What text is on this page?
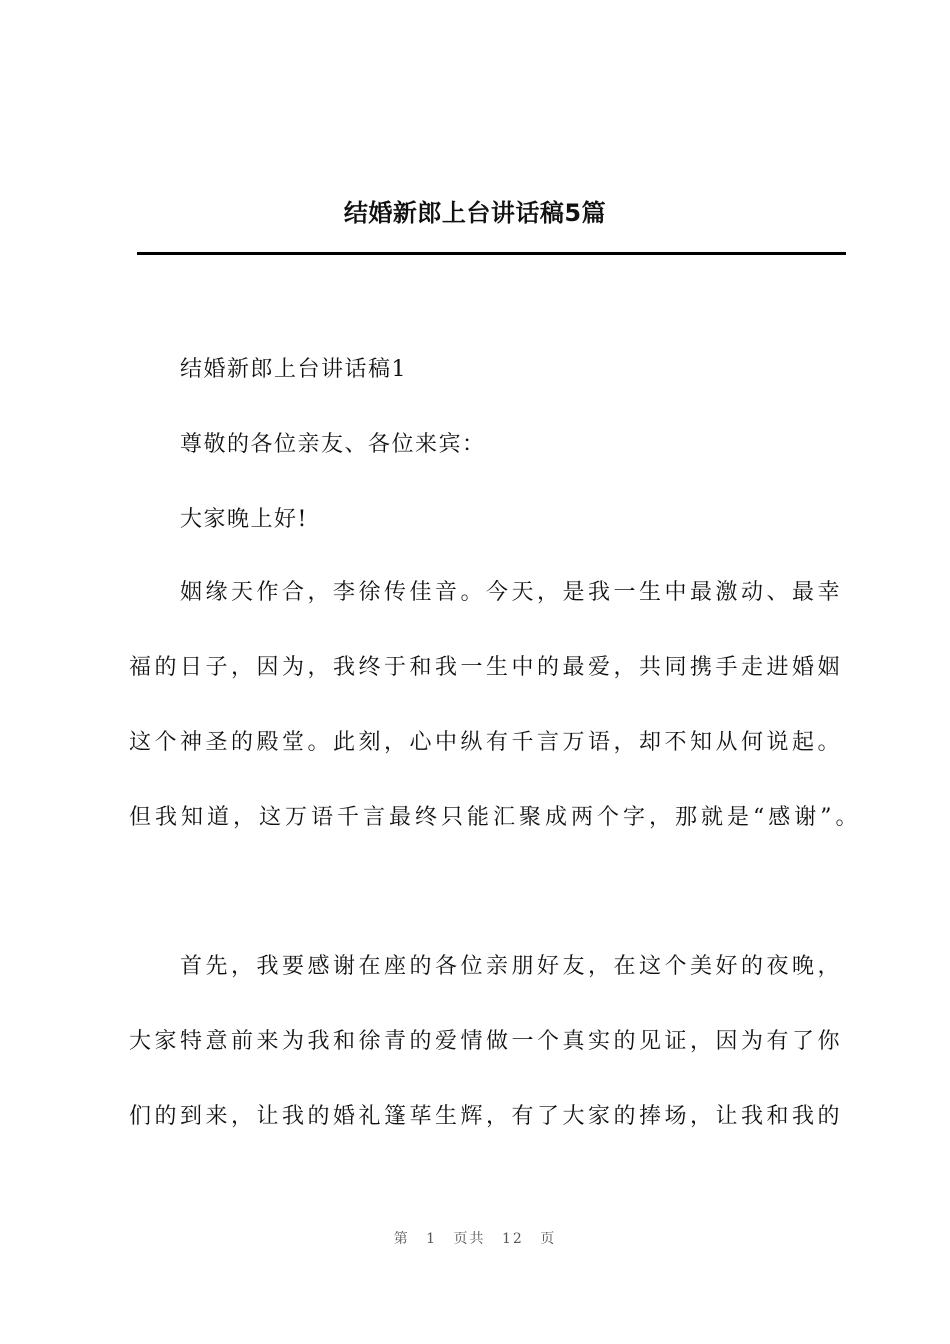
结婚新郎上台讲话稿5篇
结婚新郎上台讲话稿1
尊敬的各位亲友、各位来宾：
大家晚上好!
姻缘天作合，李徐传佳音。今天，是我一生中最激动、最幸
福的日子，因为，我终于和我一生中的最爱，共同携手走进婚姻
这个神圣的殿堂。此刻，心中纵有千言万语，却不知从何说起。
但我知道，这万语千言最终只能汇聚成两个字，那就是“感谢”。
首先，我要感谢在座的各位亲朋好友，在这个美好的夜晚，
大家特意前来为我和徐青的爱情做一个真实的见证，因为有了你
们的到来，让我的婚礼篷荜生辉，有了大家的捧场，让我和我的
第 1 页共 12 页
